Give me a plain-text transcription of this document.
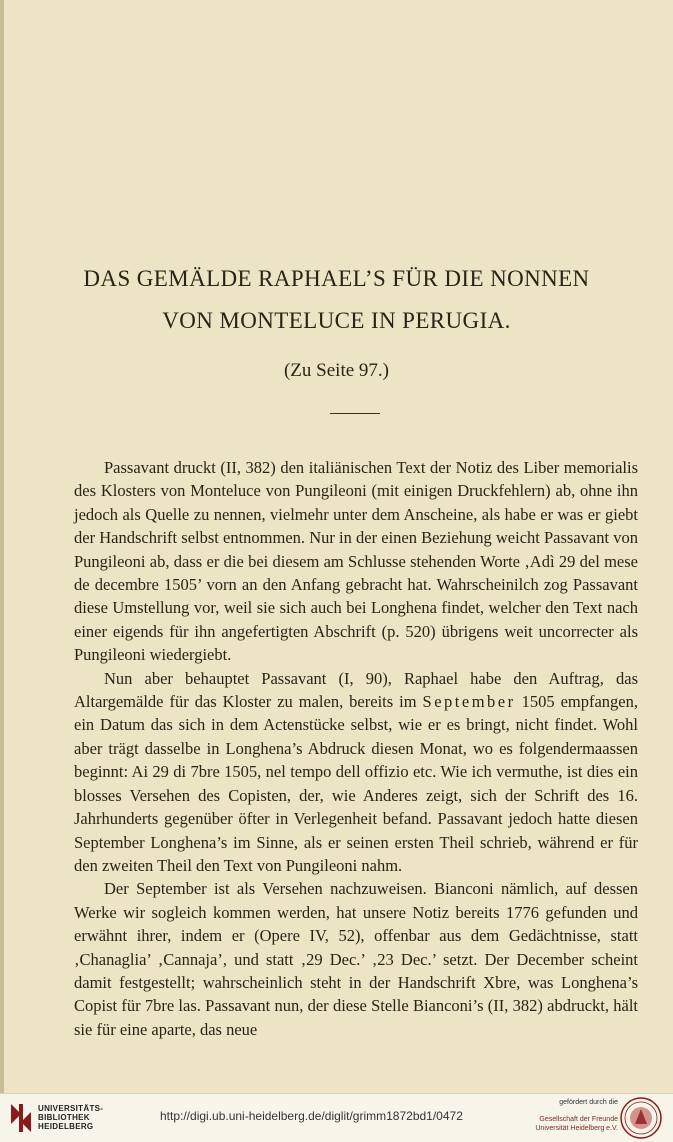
DAS GEMÄLDE RAPHAEL’S FÜR DIE NONNEN
VON MONTELUCE IN PERUGIA.
(Zu Seite 97.)

Passavant druckt (II, 382) den italiänischen Text der Notiz des Liber memorialis des Klosters von Monteluce von Pungileoni (mit einigen Druckfehlern) ab, ohne ihn jedoch als Quelle zu nennen, vielmehr unter dem Anscheine, als habe er was er giebt der Handschrift selbst entnommen. Nur in der einen Beziehung weicht Passavant von Pungileoni ab, dass er die bei diesem am Schlusse stehenden Worte ‚Adì 29 del mese de decembre 1505’ vorn an den Anfang gebracht hat. Wahrscheinilch zog Passavant diese Umstellung vor, weil sie sich auch bei Longhena findet, welcher den Text nach einer eigends für ihn angefertigten Abschrift (p. 520) übrigens weit uncorrecter als Pungileoni wiedergiebt.

Nun aber behauptet Passavant (I, 90), Raphael habe den Auftrag, das Altargemälde für das Kloster zu malen, bereits im September 1505 empfangen, ein Datum das sich in dem Actenstücke selbst, wie er es bringt, nicht findet. Wohl aber trägt dasselbe in Longhena’s Abdruck diesen Monat, wo es folgendermaassen beginnt: Ai 29 di 7bre 1505, nel tempo dell offizio etc. Wie ich vermuthe, ist dies ein blosses Versehen des Copisten, der, wie Anderes zeigt, sich der Schrift des 16. Jahrhunderts gegenüber öfter in Verlegenheit befand. Passavant jedoch hatte diesen September Longhena’s im Sinne, als er seinen ersten Theil schrieb, während er für den zweiten Theil den Text von Pungileoni nahm.

Der September ist als Versehen nachzuweisen. Bianconi nämlich, auf dessen Werke wir sogleich kommen werden, hat unsere Notiz bereits 1776 gefunden und erwähnt ihrer, indem er (Opere IV, 52), offenbar aus dem Gedächtnisse, statt ‚Chanaglia’ ‚Cannaja’, und statt ‚29 Dec.’ ‚23 Dec.’ setzt. Der December scheint damit festgestellt; wahrscheinlich steht in der Handschrift Xbre, was Longhena’s Copist für 7bre las. Passavant nun, der diese Stelle Bianconi’s (II, 382) abdruckt, hält sie für eine aparte, das neue

UNIVERSITÄTS-
BIBLIOTHEK
HEIDELBERG
http://digi.ub.uni-heidelberg.de/diglit/grimm1872bd1/0472
gefördert durch die
Gesellschaft der Freunde
Universität Heidelberg e.V.
